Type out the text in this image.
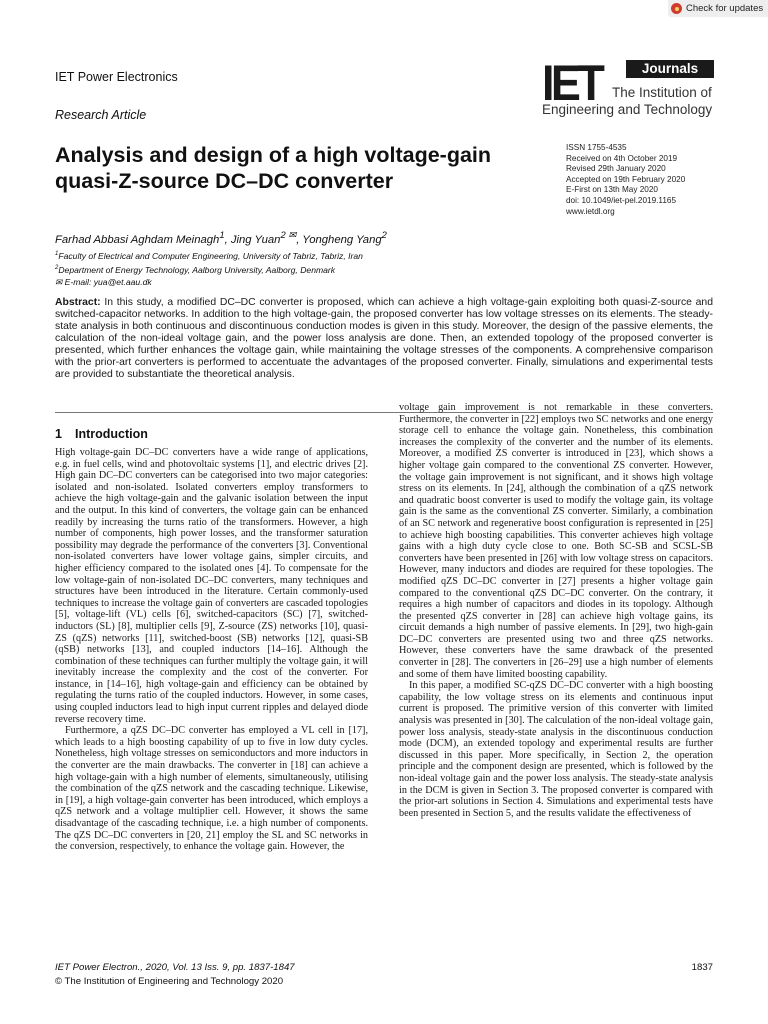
Check for updates
IET Power Electronics
Research Article
IET	Journals
The Institution of
Engineering and Technology
Analysis and design of a high voltage-gain quasi-Z-source DC–DC converter
ISSN 1755-4535
Received on 4th October 2019
Revised 29th January 2020
Accepted on 19th February 2020
E-First on 13th May 2020
doi: 10.1049/iet-pel.2019.1165
www.ietdl.org
Farhad Abbasi Aghdam Meinagh$^1$, Jing Yuan$^{2 ✉}$, Yongheng Yang$^2$
$^1$Faculty of Electrical and Computer Engineering, University of Tabriz, Tabriz, Iran
$^2$Department of Energy Technology, Aalborg University, Aalborg, Denmark
✉ E-mail: yua@et.aau.dk
Abstract: In this study, a modified DC–DC converter is proposed, which can achieve a high voltage-gain exploiting both quasi-Z-source and switched-capacitor networks. In addition to the high voltage-gain, the proposed converter has low voltage stresses on its elements. The steady-state analysis in both continuous and discontinuous conduction modes is given in this study. Moreover, the design of the passive elements, the calculation of the non-ideal voltage gain, and the power loss analysis are done. Then, an extended topology of the proposed converter is presented, which further enhances the voltage gain, while maintaining the voltage stresses of the components. A comprehensive comparison with the prior-art converters is performed to accentuate the advantages of the proposed converter. Finally, simulations and experimental tests are provided to substantiate the theoretical analysis.
1 Introduction

High voltage-gain DC–DC converters have a wide range of applications, e.g. in fuel cells, wind and photovoltaic systems [1], and electric drives [2]. High gain DC–DC converters can be categorised into two major categories: isolated and non-isolated. Isolated converters employ transformers to achieve the high voltage-gain and the galvanic isolation between the input and the output. In this kind of converters, the voltage gain can be enhanced readily by increasing the turns ratio of the transformers. However, a high number of components, high power losses, and the transformer saturation possibility may degrade the performance of the converters [3]. Conventional non-isolated converters have lower voltage gains, simpler circuits, and higher efficiency compared to the isolated ones [4]. To compensate for the low voltage-gain of non-isolated DC–DC converters, many techniques and structures have been introduced in the literature. Certain commonly-used techniques to increase the voltage gain of converters are cascaded topologies [5], voltage-lift (VL) cells [6], switched-capacitors (SC) [7], switched-inductors (SL) [8], multiplier cells [9], Z-source (ZS) networks [10], quasi-ZS (qZS) networks [11], switched-boost (SB) networks [12], quasi-SB (qSB) networks [13], and coupled inductors [14–16]. Although the combination of these techniques can further multiply the voltage gain, it will inevitably increase the complexity and the cost of the converter. For instance, in [14–16], high voltage-gain and efficiency can be obtained by regulating the turns ratio of the coupled inductors. However, in some cases, using coupled inductors lead to high input current ripples and delayed diode reverse recovery time.

Furthermore, a qZS DC–DC converter has employed a VL cell in [17], which leads to a high boosting capability of up to five in low duty cycles. Nonetheless, high voltage stresses on semiconductors and more inductors in the converter are the main drawbacks. The converter in [18] can achieve a high voltage-gain with a high number of elements, simultaneously, utilising the combination of the qZS network and the cascading technique. Likewise, in [19], a high voltage-gain converter has been introduced, which employs a qZS network and a voltage multiplier cell. However, it shows the same disadvantage of the cascading technique, i.e. a high number of components. The qZS DC–DC converters in [20, 21] employ the SL and SC networks in the conversion, respectively, to enhance the voltage gain. However, the

voltage gain improvement is not remarkable in these converters. Furthermore, the converter in [22] employs two SC networks and one energy storage cell to enhance the voltage gain. Nonetheless, this combination increases the complexity of the converter and the number of its elements. Moreover, a modified ZS converter is introduced in [23], which shows a higher voltage gain compared to the conventional ZS converter. However, the voltage gain improvement is not significant, and it shows high voltage stress on its elements. In [24], although the combination of a qZS network and quadratic boost converter is used to modify the voltage gain, its voltage gain is the same as the conventional ZS converter. Similarly, a combination of an SC network and regenerative boost configuration is represented in [25] to achieve high boosting capabilities. This converter achieves high voltage gains with a high duty cycle close to one. Both SC-SB and SCSL-SB converters have been presented in [26] with low voltage stress on capacitors. However, many inductors and diodes are required for these topologies. The modified qZS DC–DC converter in [27] presents a higher voltage gain compared to the conventional qZS DC–DC converter. On the contrary, it requires a high number of capacitors and diodes in its topology. Although the presented qZS converter in [28] can achieve high voltage gains, its circuit demands a high number of passive elements. In [29], two high-gain DC–DC converters are presented using two and three qZS networks. However, these converters have the same drawback of the presented converter in [28]. The converters in [26–29] use a high number of elements and some of them have limited boosting capability.

In this paper, a modified SC-qZS DC–DC converter with a high boosting capability, the low voltage stress on its elements and continuous input current is proposed. The primitive version of this converter with limited analysis was presented in [30]. The calculation of the non-ideal voltage gain, power loss analysis, steady-state analysis in the discontinuous conduction mode (DCM), an extended topology and experimental results are further discussed in this paper. More specifically, in Section 2, the operation principle and the component design are presented, which is followed by the non-ideal voltage gain and the power loss analysis. The steady-state analysis in the DCM is given in Section 3. The proposed converter is compared with the prior-art solutions in Section 4. Simulations and experimental tests have been presented in Section 5, and the results validate the effectiveness of

IET Power Electron., 2020, Vol. 13 Iss. 9, pp. 1837-1847
© The Institution of Engineering and Technology 2020
1837
